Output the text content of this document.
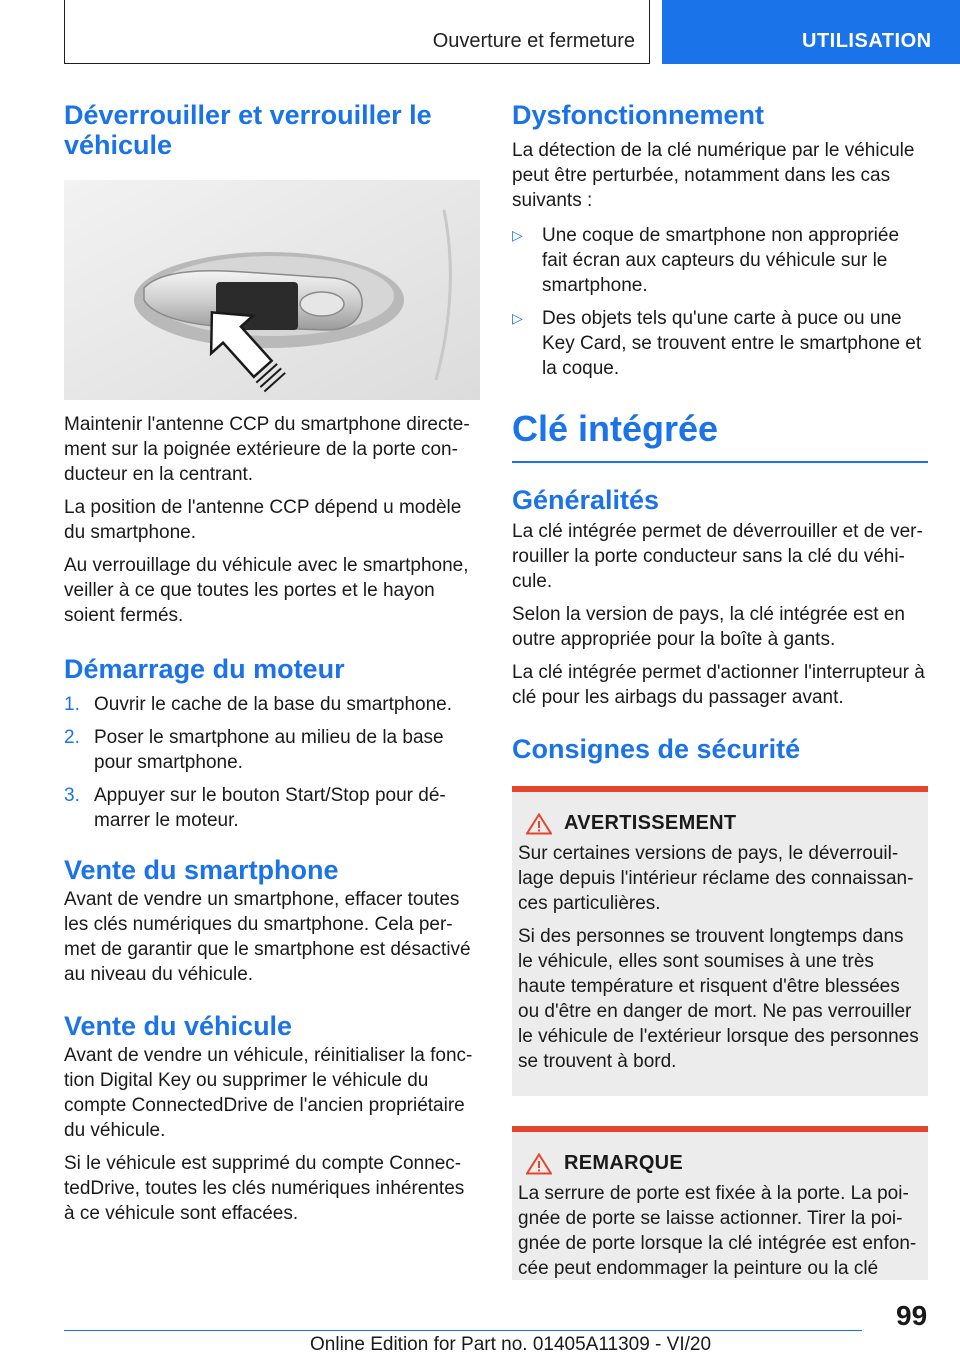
Ouverture et fermeture	UTILISATION
Déverrouiller et verrouiller le véhicule

Maintenir l'antenne CCP du smartphone directe-ment sur la poignée extérieure de la porte con-ducteur en la centrant.

La position de l'antenne CCP dépend u modèle du smartphone.

Au verrouillage du véhicule avec le smartphone, veiller à ce que toutes les portes et le hayon soient fermés.

Démarrage du moteur
1. Ouvrir le cache de la base du smartphone.
2. Poser le smartphone au milieu de la base pour smartphone.
3. Appuyer sur le bouton Start/Stop pour dé-marrer le moteur.
Vente du smartphone

Avant de vendre un smartphone, effacer toutes les clés numériques du smartphone. Cela per-met de garantir que le smartphone est désactivé au niveau du véhicule.

Vente du véhicule

Avant de vendre un véhicule, réinitialiser la fonc-tion Digital Key ou supprimer le véhicule du compte ConnectedDrive de l'ancien propriétaire du véhicule.

Si le véhicule est supprimé du compte Connec-tedDrive, toutes les clés numériques inhérentes à ce véhicule sont effacées.

Dysfonctionnement

La détection de la clé numérique par le véhicule peut être perturbée, notamment dans les cas suivants :

▷ Une coque de smartphone non appropriée fait écran aux capteurs du véhicule sur le smartphone.
▷ Des objets tels qu'une carte à puce ou une Key Card, se trouvent entre le smartphone et la coque.
Clé intégrée
Généralités

La clé intégrée permet de déverrouiller et de ver-rouiller la porte conducteur sans la clé du véhi-cule.

Selon la version de pays, la clé intégrée est en outre appropriée pour la boîte à gants.

La clé intégrée permet d'actionner l'interrupteur à clé pour les airbags du passager avant.

Consignes de sécurité
AVERTISSEMENT

Sur certaines versions de pays, le déverrouil-lage depuis l'intérieur réclame des connaissan-ces particulières.

Si des personnes se trouvent longtemps dans le véhicule, elles sont soumises à une très haute température et risquent d'être blessées ou d'être en danger de mort. Ne pas verrouiller le véhicule de l'extérieur lorsque des personnes se trouvent à bord.

REMARQUE

La serrure de porte est fixée à la porte. La poi-gnée de porte se laisse actionner. Tirer la poi-gnée de porte lorsque la clé intégrée est enfon-cée peut endommager la peinture ou la clé

99
Online Edition for Part no. 01405A11309 - VI/20
